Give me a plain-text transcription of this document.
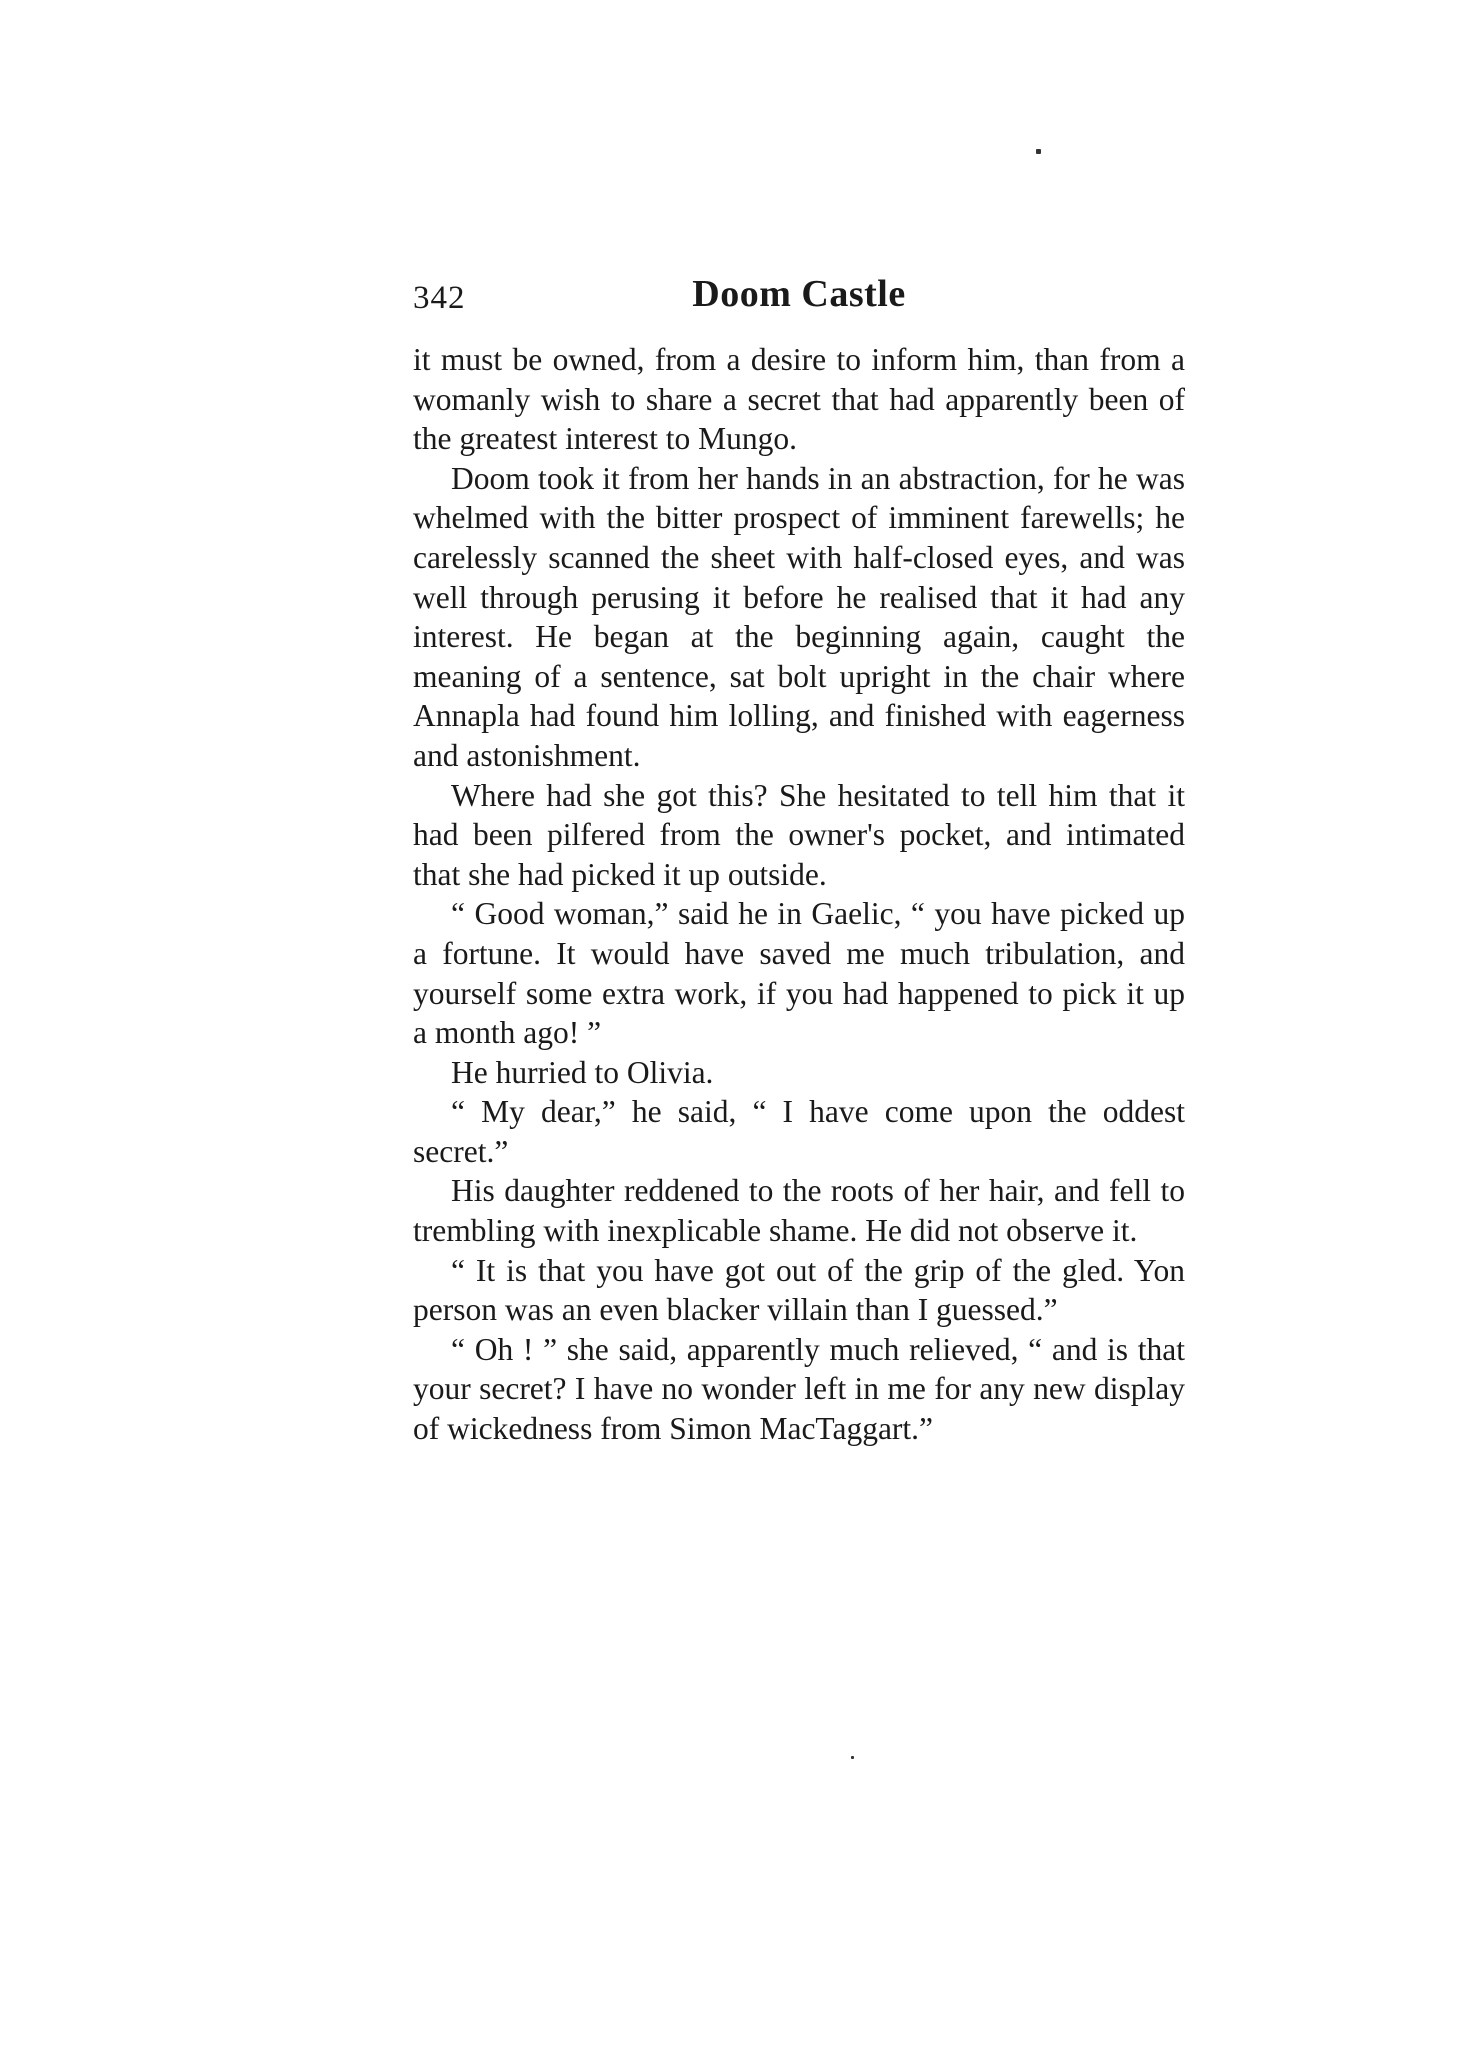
342	Doom Castle

it must be owned, from a desire to inform him, than from a womanly wish to share a secret that had apparently been of the greatest interest to Mungo.

Doom took it from her hands in an abstraction, for he was whelmed with the bitter prospect of imminent farewells; he carelessly scanned the sheet with half-closed eyes, and was well through perusing it before he realised that it had any interest. He began at the beginning again, caught the meaning of a sentence, sat bolt upright in the chair where Annapla had found him lolling, and finished with eagerness and astonishment.

Where had she got this? She hesitated to tell him that it had been pilfered from the owner's pocket, and intimated that she had picked it up outside.

“ Good woman,” said he in Gaelic, “ you have picked up a fortune. It would have saved me much tribulation, and yourself some extra work, if you had happened to pick it up a month ago! ”

He hurried to Olivia.

“ My dear,” he said, “ I have come upon the oddest secret.”

His daughter reddened to the roots of her hair, and fell to trembling with inexplicable shame. He did not observe it.

“ It is that you have got out of the grip of the gled. Yon person was an even blacker villain than I guessed.”

“ Oh ! ” she said, apparently much relieved, “ and is that your secret? I have no wonder left in me for any new display of wickedness from Simon MacTaggart.”
